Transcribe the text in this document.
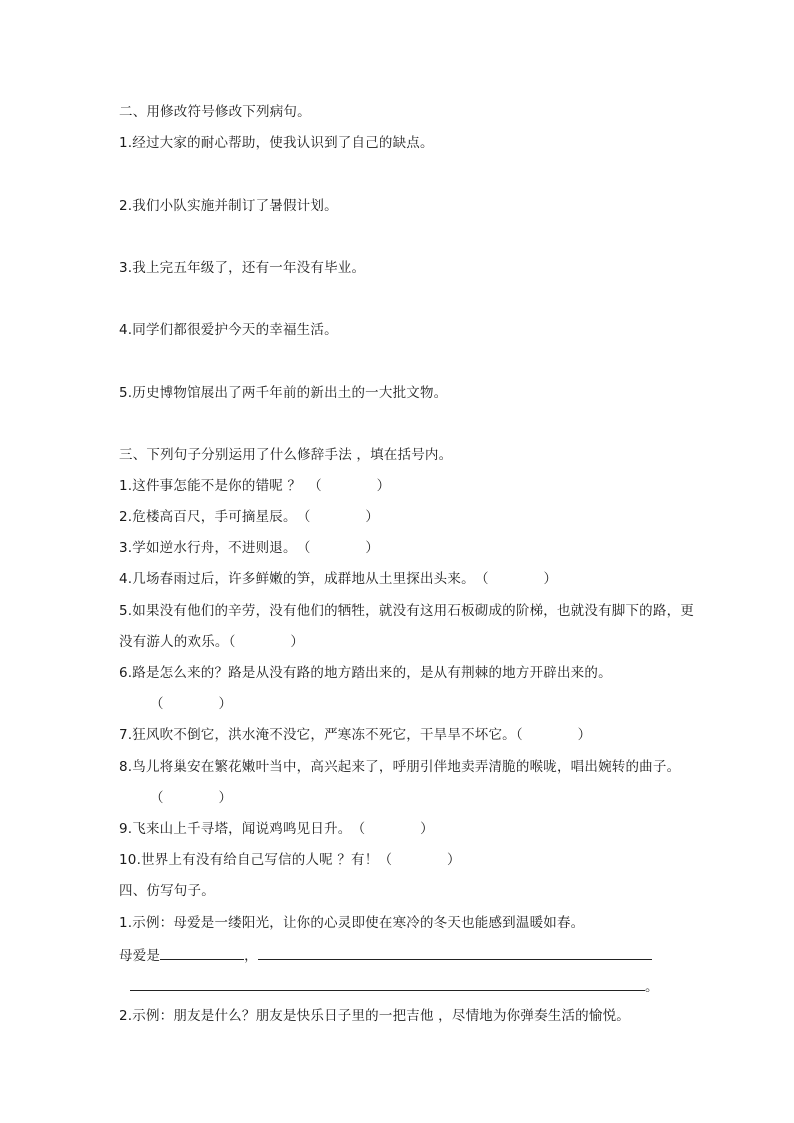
二、用修改符号修改下列病句。
1.经过大家的耐心帮助，使我认识到了自己的缺点。
2.我们小队实施并制订了暑假计划。
3.我上完五年级了，还有一年没有毕业。
4.同学们都很爱护今天的幸福生活。
5.历史博物馆展出了两千年前的新出土的一大批文物。
三、下列句子分别运用了什么修辞手法 ，填在括号内。
1.这件事怎能不是你的错呢 ？　（　　　　）
2.危楼高百尺，手可摘星辰。　（　　　　）
3.学如逆水行舟，不进则退。　（　　　　）
4.几场春雨过后，许多鲜嫩的笋，成群地从土里探出头来。　（　　　　）
5.如果没有他们的辛劳，没有他们的牺牲，就没有这用石板砌成的阶梯，也就没有脚下的路，更
没有游人的欢乐。（　　　　）
6.路是怎么来的？路是从没有路的地方踏出来的，是从有荆棘的地方开辟出来的。
（　　　　）
7.狂风吹不倒它，洪水淹不没它，严寒冻不死它，干旱旱不坏它。（　　　　）
8.鸟儿将巢安在繁花嫩叶当中，高兴起来了，呼朋引伴地卖弄清脆的喉咙，唱出婉转的曲子。
（　　　　）
9.飞来山上千寻塔，闻说鸡鸣见日升。　（　　　　）
10.世界上有没有给自己写信的人呢 ？有！（　　　　）
四、仿写句子。
1.示例：母爱是一缕阳光，让你的心灵即使在寒冷的冬天也能感到温暖如春。
母爱是	，
。
2.示例：朋友是什么？朋友是快乐日子里的一把吉他 ，尽情地为你弹奏生活的愉悦。
